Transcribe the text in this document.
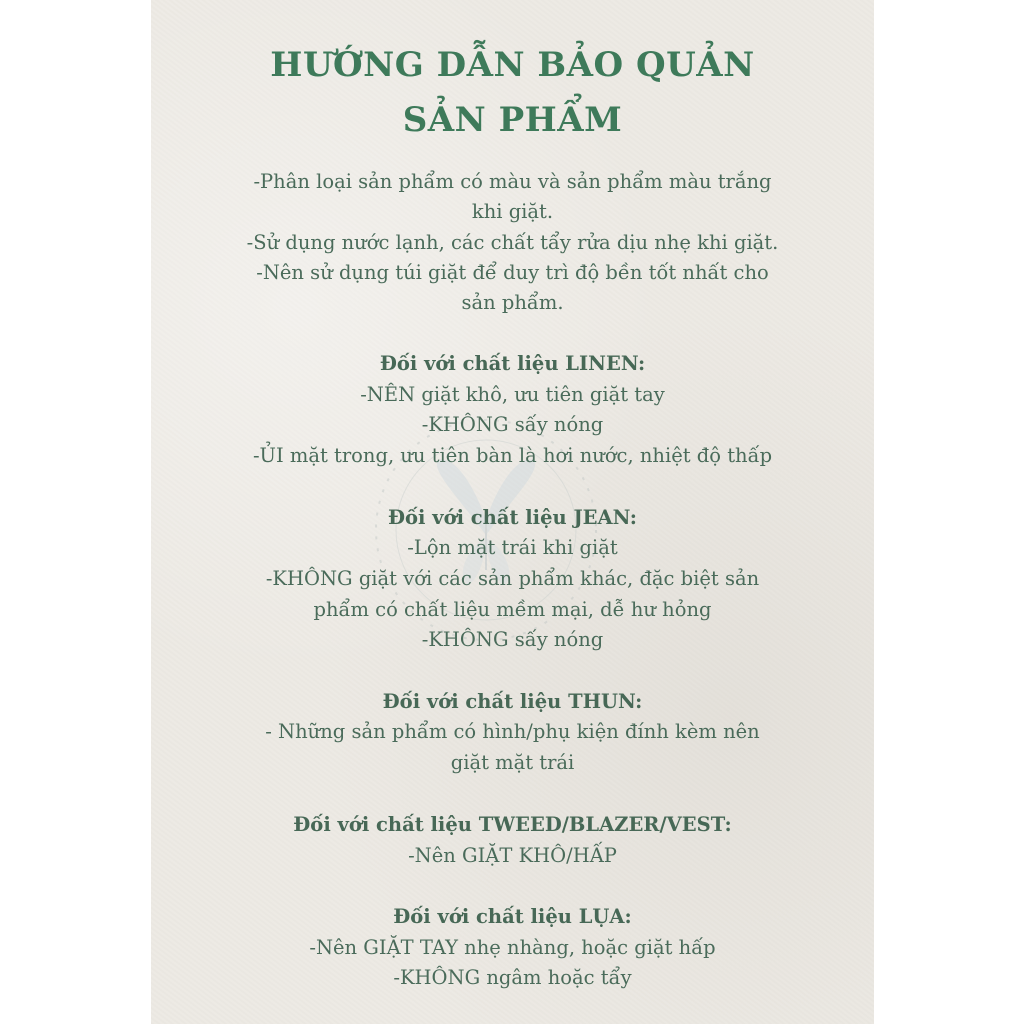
HƯỚNG DẪN BẢO QUẢN
SẢN PHẨM
-Phân loại sản phẩm có màu và sản phẩm màu trắng
khi giặt.
-Sử dụng nước lạnh, các chất tẩy rửa dịu nhẹ khi giặt.
-Nên sử dụng túi giặt để duy trì độ bền tốt nhất cho
sản phẩm.
Đối với chất liệu LINEN:
-NÊN giặt khô, ưu tiên giặt tay
-KHÔNG sấy nóng
-ỦI mặt trong, ưu tiên bàn là hơi nước, nhiệt độ thấp
Đối với chất liệu JEAN:
-Lộn mặt trái khi giặt
-KHÔNG giặt với các sản phẩm khác, đặc biệt sản
phẩm có chất liệu mềm mại, dễ hư hỏng
-KHÔNG sấy nóng
Đối với chất liệu THUN:
- Những sản phẩm có hình/phụ kiện đính kèm nên
giặt mặt trái
Đối với chất liệu TWEED/BLAZER/VEST:
-Nên GIẶT KHÔ/HẤP
Đối với chất liệu LỤA:
-Nên GIẶT TAY nhẹ nhàng, hoặc giặt hấp
-KHÔNG ngâm hoặc tẩy
